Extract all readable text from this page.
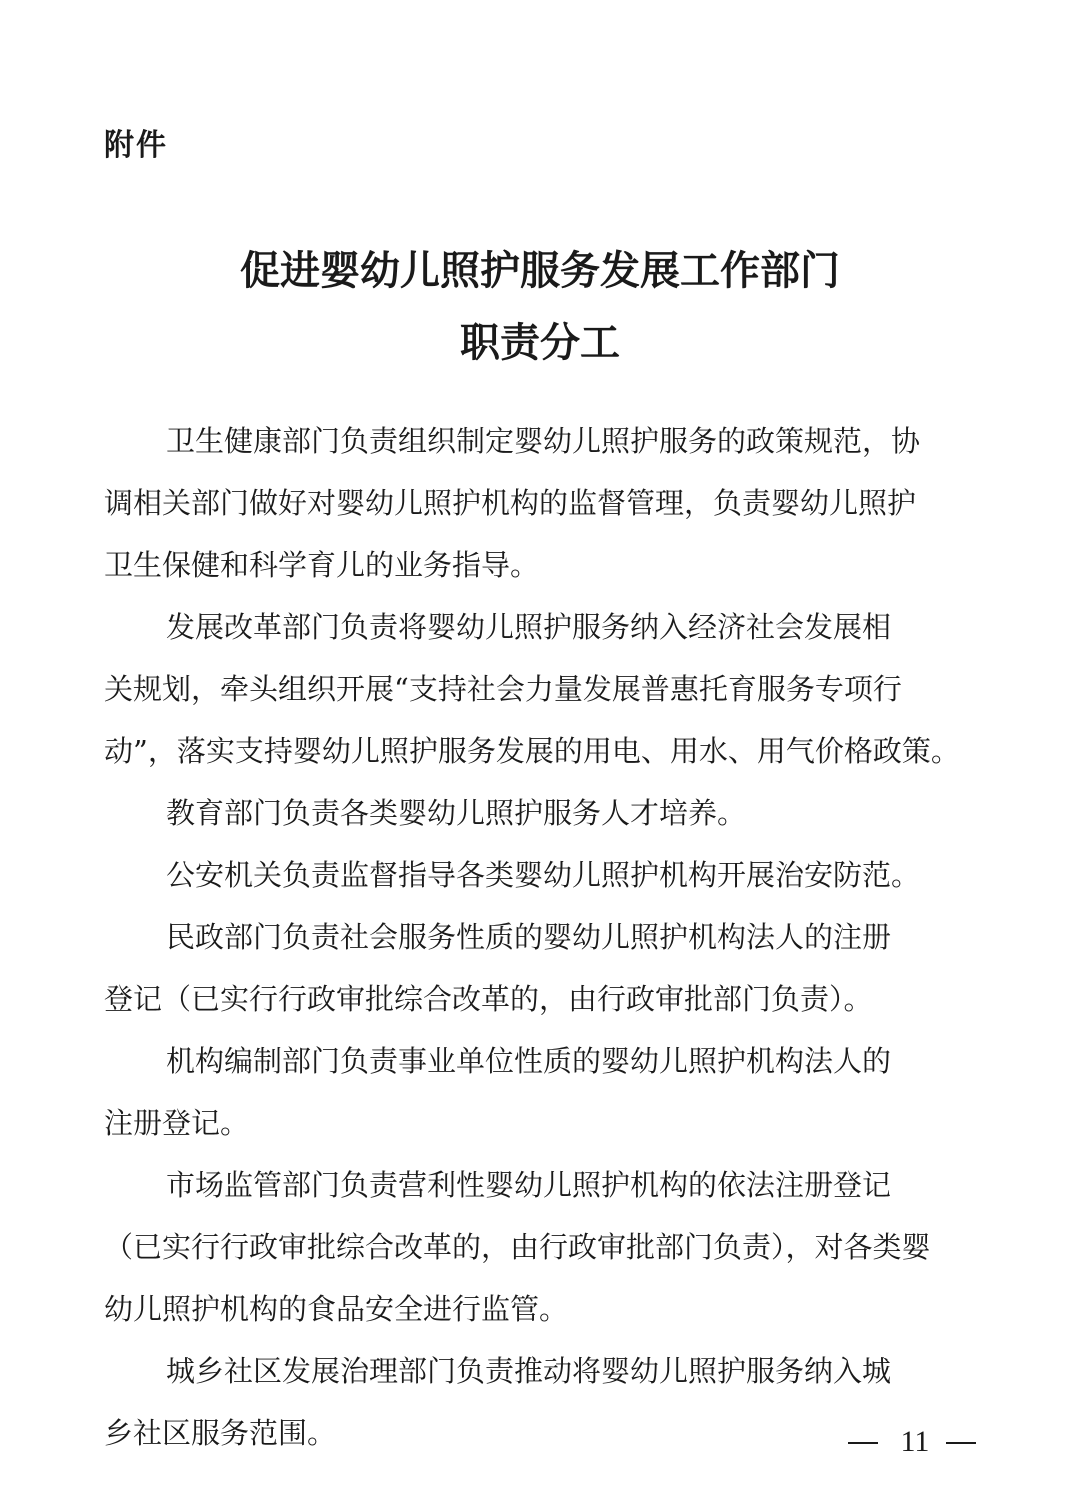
附件
促进婴幼儿照护服务发展工作部门
职责分工
卫生健康部门负责组织制定婴幼儿照护服务的政策规范，协
调相关部门做好对婴幼儿照护机构的监督管理，负责婴幼儿照护
卫生保健和科学育儿的业务指导。
发展改革部门负责将婴幼儿照护服务纳入经济社会发展相
关规划，牵头组织开展“支持社会力量发展普惠托育服务专项行
动”，落实支持婴幼儿照护服务发展的用电、用水、用气价格政策。
教育部门负责各类婴幼儿照护服务人才培养。
公安机关负责监督指导各类婴幼儿照护机构开展治安防范。
民政部门负责社会服务性质的婴幼儿照护机构法人的注册
登记（已实行行政审批综合改革的，由行政审批部门负责）。
机构编制部门负责事业单位性质的婴幼儿照护机构法人的
注册登记。
市场监管部门负责营利性婴幼儿照护机构的依法注册登记
（已实行行政审批综合改革的，由行政审批部门负责），对各类婴
幼儿照护机构的食品安全进行监管。
城乡社区发展治理部门负责推动将婴幼儿照护服务纳入城
乡社区服务范围。	11
